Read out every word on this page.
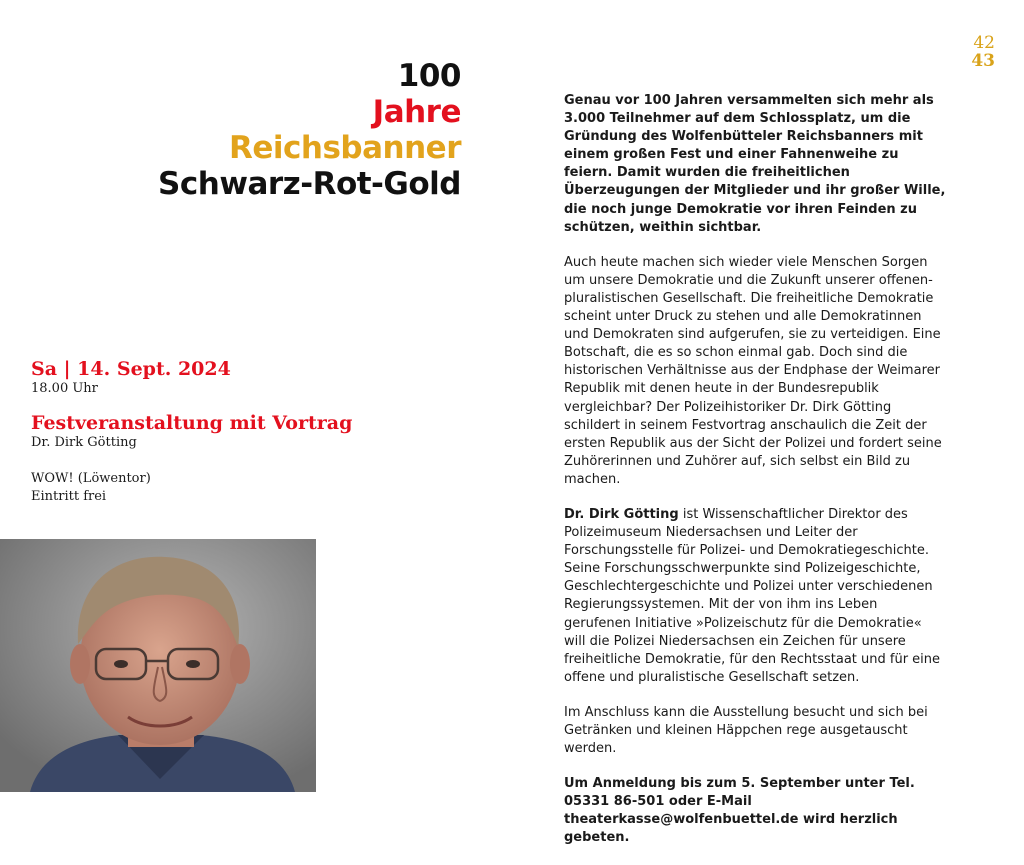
42
43
100
Jahre
Reichsbanner
Schwarz-Rot-Gold
Sa | 14. Sept. 2024
18.00 Uhr
Festveranstaltung mit Vortrag
Dr. Dirk Götting
WOW! (Löwentor)
Eintritt frei

Genau vor 100 Jahren versammelten sich mehr als 3.000 Teilnehmer auf dem Schlossplatz, um die Gründung des Wolfenbütteler Reichsbanners mit einem großen Fest und einer Fahnenweihe zu feiern. Damit wurden die freiheitlichen Überzeugungen der Mitglieder und ihr großer Wille, die noch junge Demokratie vor ihren Feinden zu schützen, weithin sichtbar.

Auch heute machen sich wieder viele Menschen Sorgen um unsere Demokratie und die Zukunft unserer offenen-pluralistischen Gesellschaft. Die freiheitliche Demokratie scheint unter Druck zu stehen und alle Demokratinnen und Demokraten sind aufgerufen, sie zu verteidigen. Eine Botschaft, die es so schon einmal gab. Doch sind die historischen Verhältnisse aus der Endphase der Weimarer Republik mit denen heute in der Bundesrepublik vergleichbar? Der Polizeihistoriker Dr. Dirk Götting schildert in seinem Festvortrag anschaulich die Zeit der ersten Republik aus der Sicht der Polizei und fordert seine Zuhörerinnen und Zuhörer auf, sich selbst ein Bild zu machen.

Dr. Dirk Götting ist Wissenschaftlicher Direktor des Polizeimuseum Niedersachsen und Leiter der Forschungsstelle für Polizei- und Demokratiegeschichte. Seine Forschungsschwerpunkte sind Polizeigeschichte, Geschlechtergeschichte und Polizei unter verschiedenen Regierungssystemen. Mit der von ihm ins Leben gerufenen Initiative »Polizeischutz für die Demokratie« will die Polizei Niedersachsen ein Zeichen für unsere freiheitliche Demokratie, für den Rechtsstaat und für eine offene und pluralistische Gesellschaft setzen.

Im Anschluss kann die Ausstellung besucht und sich bei Getränken und kleinen Häppchen rege ausgetauscht werden.

Um Anmeldung bis zum 5. September unter Tel. 05331 86-501 oder E-Mail theaterkasse@wolfenbuettel.de wird herzlich gebeten.
